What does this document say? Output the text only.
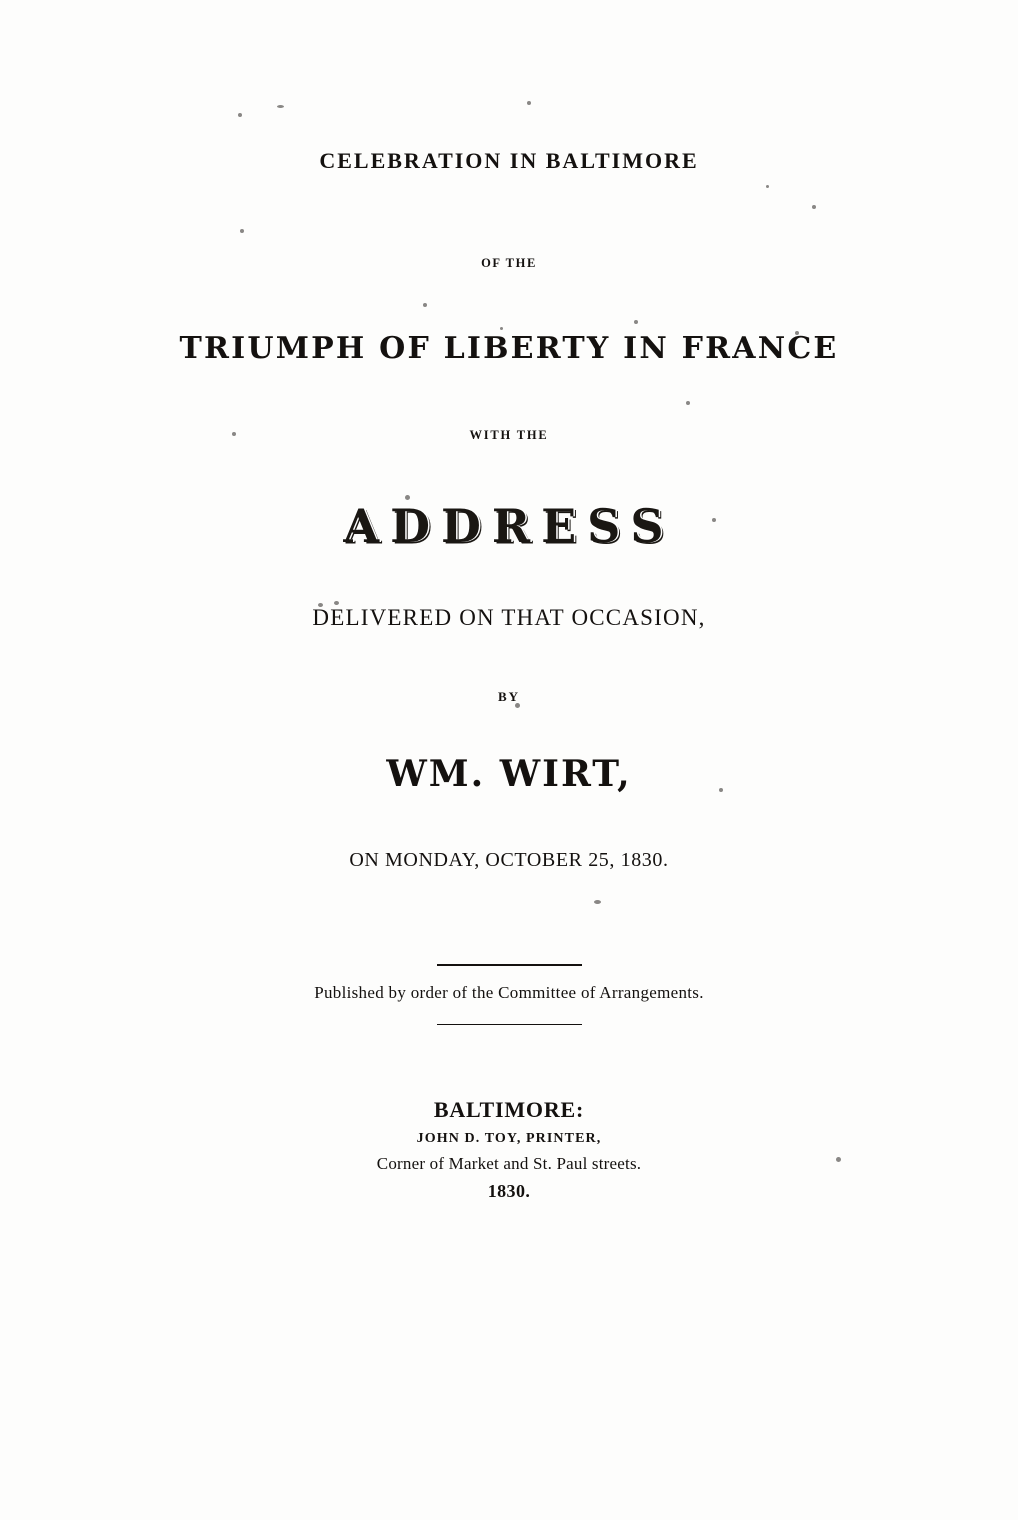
CELEBRATION IN BALTIMORE
OF THE
TRIUMPH OF LIBERTY IN FRANCE
WITH THE
ADDRESS
DELIVERED ON THAT OCCASION,
BY
WM. WIRT,
ON MONDAY, OCTOBER 25, 1830.
Published by order of the Committee of Arrangements.
BALTIMORE:
JOHN D. TOY, PRINTER,
Corner of Market and St. Paul streets.
1830.
